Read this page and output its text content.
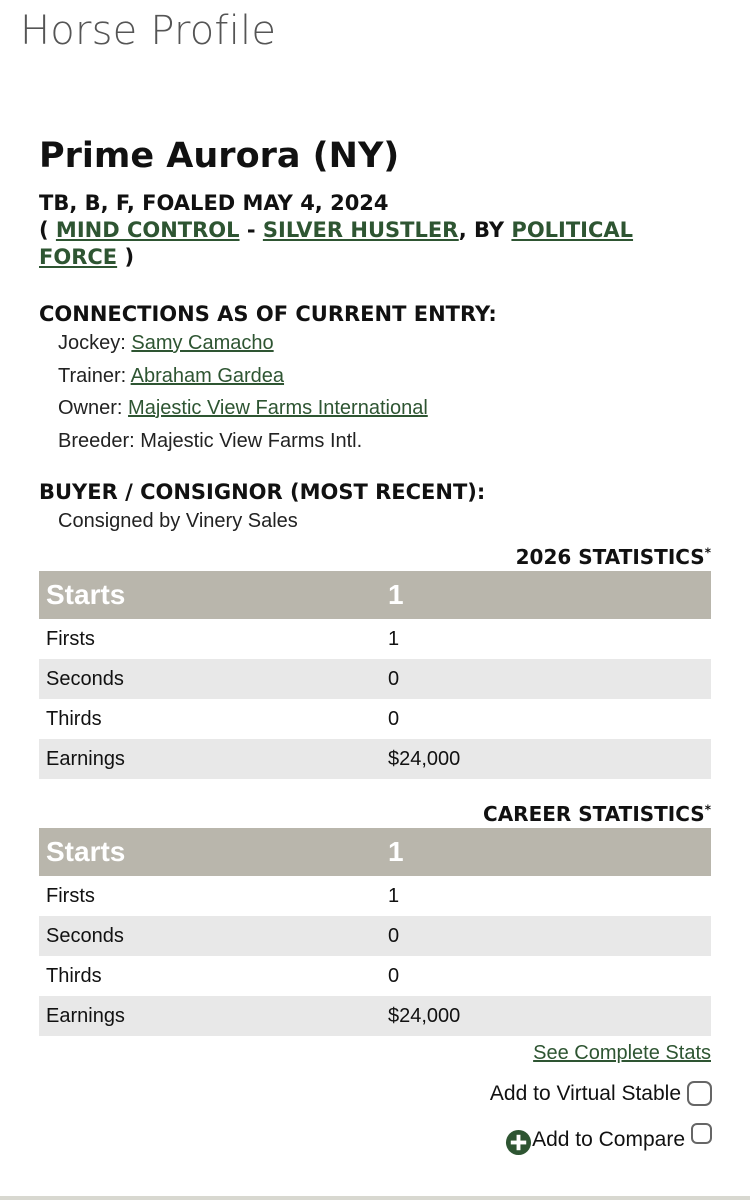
Horse Profile
Prime Aurora (NY)
TB, B, F, FOALED MAY 4, 2024
( MIND CONTROL - SILVER HUSTLER, BY POLITICAL FORCE )
CONNECTIONS AS OF CURRENT ENTRY:
Jockey: Samy Camacho
Trainer: Abraham Gardea
Owner: Majestic View Farms International
Breeder: Majestic View Farms Intl.
BUYER / CONSIGNOR (MOST RECENT):
Consigned by Vinery Sales
2026 STATISTICS*
Starts	1
Firsts	1
Seconds	0
Thirds	0
Earnings	$24,000
CAREER STATISTICS*
Starts	1
Firsts	1
Seconds	0
Thirds	0
Earnings	$24,000
See Complete Stats
Add to Virtual Stable
Add to Compare
